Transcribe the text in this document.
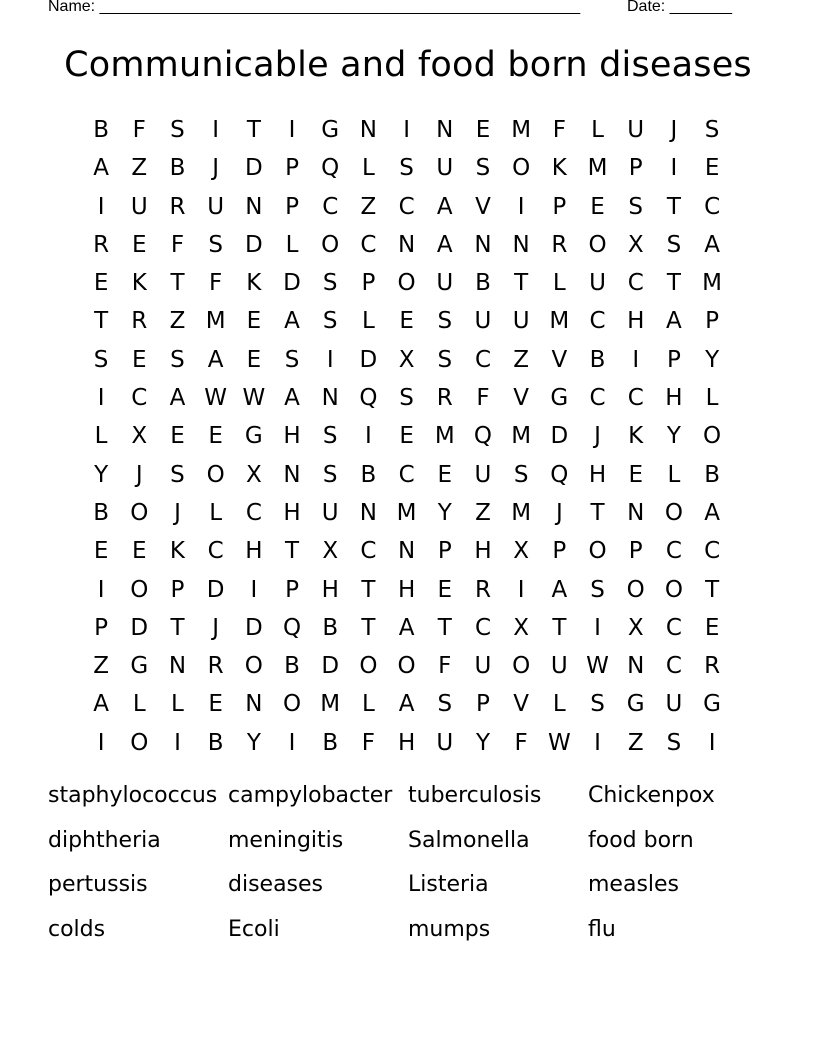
Name: ______________________________________________________	Date: _______
Communicable and food born diseases
B	F	S	I	T	I	G N	I	N E M F	L	U	J	S
A Z B	J	D P Q L	S U S O K M P	I	E
I	U R U N P	C Z C A V	I	P	E	S	T	C
R E	F	S D L O C N A N N R O X	S	A
E	K	T	F	K D S	P O U B	T	L	U C	T M
T	R Z M E	A	S	L	E	S U U M C H A	P
S	E	S	A	E	S	I	D X	S C Z V B	I	P	Y
I	C A W W A N Q S R	F	V G C C H	L
L	X	E	E G H S	I	E M Q M D	J	K	Y O
Y	J	S O X N S	B C E U S Q H E	L	B
B O	J	L	C H U N M Y	Z M	J	T N O A
E	E	K C H T	X C N P H X	P O P	C C
I	O P D	I	P H T H E R	I	A	S O O T
P D T	J	D Q B	T	A	T	C X	T	I	X C E
Z G N R O B D O O F	U O U W N C R
A	L	L	E N O M L	A	S	P	V	L	S G U G
I	O	I	B	Y	I	B	F H U Y	F W	I	Z	S	I
staphylococcus campylobacter tuberculosis	Chickenpox
diphtheria	meningitis	Salmonella	food born
pertussis	diseases	Listeria	measles
colds	Ecoli	mumps	flu
